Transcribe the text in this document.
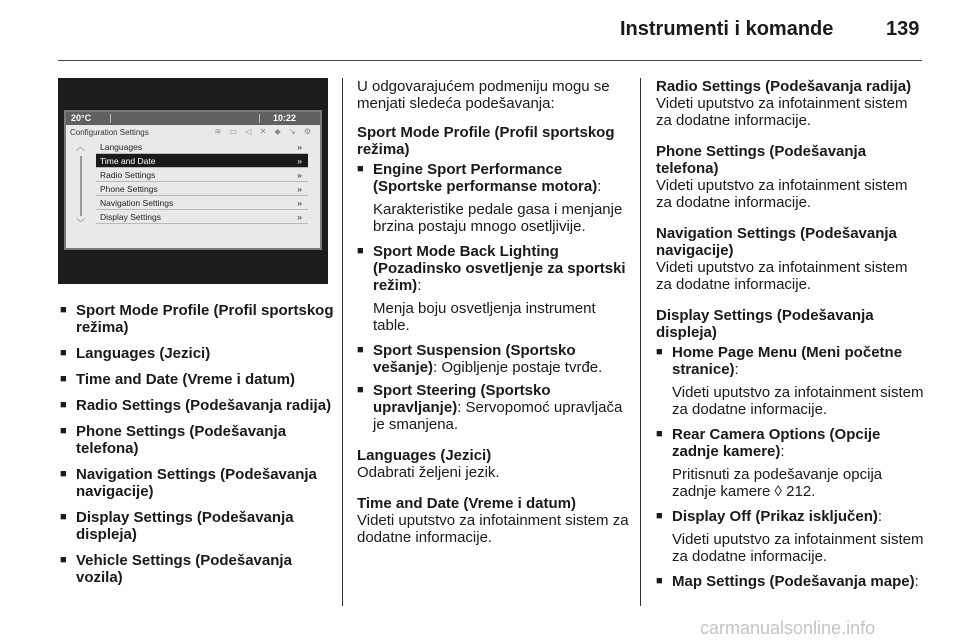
Instrumenti i komande	139
20°C	10:22
Configuration Settings	≋ ▭ ◁ ✕ ◆ ↘ ⚙
︿
﹀
Languages	»
Time and Date	»
Radio Settings	»
Phone Settings	»
Navigation Settings	»
Display Settings	»
■ Sport Mode Profile (Profil sportskog režima)
■ Languages (Jezici)
■ Time and Date (Vreme i datum)
■ Radio Settings (Podešavanja radija)
■ Phone Settings (Podešavanja telefona)
■ Navigation Settings (Podešavanja navigacije)
■ Display Settings (Podešavanja displeja)
■ Vehicle Settings (Podešavanja vozila)

U odgovarajućem podmeniju mogu se menjati sledeća podešavanja:

Sport Mode Profile (Profil sportskog režima)

■ Engine Sport Performance (Sportske performanse motora):

Karakteristike pedale gasa i menjanje brzina postaju mnogo osetljivije.

■ Sport Mode Back Lighting (Pozadinsko osvetljenje za sportski režim):

Menja boju osvetljenja instrument table.

■ Sport Suspension (Sportsko vešanje): Ogibljenje postaje tvrđe.
■ Sport Steering (Sportsko upravljanje): Servopomoć upravljača je smanjena.

Languages (Jezici)

Odabrati željeni jezik.

Time and Date (Vreme i datum)

Videti uputstvo za infotainment sistem za dodatne informacije.

Radio Settings (Podešavanja radija)

Videti uputstvo za infotainment sistem za dodatne informacije.

Phone Settings (Podešavanja telefona)

Videti uputstvo za infotainment sistem za dodatne informacije.

Navigation Settings (Podešavanja navigacije)

Videti uputstvo za infotainment sistem za dodatne informacije.

Display Settings (Podešavanja displeja)

■ Home Page Menu (Meni početne stranice):

Videti uputstvo za infotainment sistem za dodatne informacije.

■ Rear Camera Options (Opcije zadnje kamere):

Pritisnuti za podešavanje opcija zadnje kamere ◊ 212.

■ Display Off (Prikaz isključen):

Videti uputstvo za infotainment sistem za dodatne informacije.

■ Map Settings (Podešavanja mape):
carmanualsonline.info
